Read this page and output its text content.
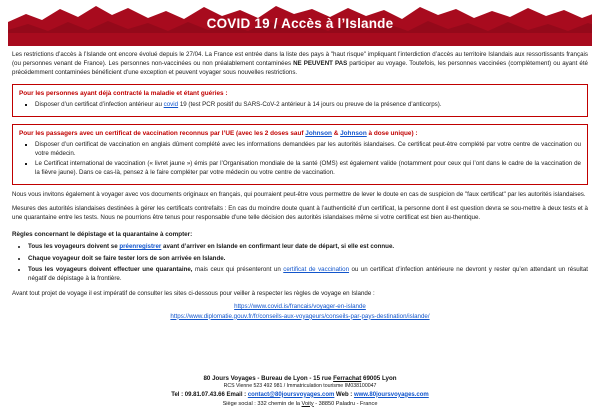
COVID 19 / Accès à l’Islande

Les restrictions d’accès à l’Islande ont encore évolué depuis le 27/04. La France est entrée dans la liste des pays à "haut risque" impliquant l’interdiction d’accès au territoire Islandais aux ressortissants français (ou personnes venant de France). Les personnes non-vaccinées ou non préalablement contaminées NE PEUVENT PAS participer au voyage. Toutefois, les personnes vaccinées (complètement) ou ayant été précédemment contaminées bénéficient d’une exception et peuvent voyager sous nouvelles restrictions.

Pour les personnes ayant déjà contracté la maladie et étant guéries :
▪ Disposer d’un certificat d’infection antérieur au covid 19 (test PCR positif du SARS-CoV-2 antérieur à 14 jours ou preuve de la présence d’anticorps).
Pour les passagers avec un certificat de vaccination reconnus par l’UE (avec les 2 doses sauf Johnson & Johnson à dose unique) :
▪ Disposer d’un certificat de vaccination en anglais dûment complété avec les informations demandées par les autorités islandaises. Ce certificat peut-être complété par votre centre de vaccination ou votre médecin.
▪ Le Certificat international de vaccination (« livret jaune ») émis par l’Organisation mondiale de la santé (OMS) est également valide (notamment pour ceux qui l’ont dans le cadre de la vaccination de la fièvre jaune). Dans ce cas-là, pensez à le faire compléter par votre médecin ou votre centre de vaccination.

Nous vous invitons également à voyager avec vos documents originaux en français, qui pourraient peut-être vous permettre de lever le doute en cas de suspicion de "faux certificat" par les autorités islandaises.

Mesures des autorités islandaises destinées à gérer les certificats contrefaits : En cas du moindre doute quant à l’authenticité d’un certificat, la personne dont il est question devra se sou-mettre à deux tests et à une quarantaine entre les tests. Nous ne pourrions être tenus pour responsable d’une telle décision des autorités islandaises même si votre certificat est bien au-thentique.

Règles concernant le dépistage et la quarantaine à compter:
• Tous les voyageurs doivent se préenregistrer avant d’arriver en Islande en confirmant leur date de départ, si elle est connue.
• Chaque voyageur doit se faire tester lors de son arrivée en Islande.
• Tous les voyageurs doivent effectuer une quarantaine, mais ceux qui présenteront un certificat de vaccination ou un certificat d’infection antérieure ne devront y rester qu’en attendant un résultat négatif de dépistage à la frontière.

Avant tout projet de voyage il est impératif de consulter les sites ci-dessous pour veiller à respecter les règles de voyage en Islande :

https://www.covid.is/francais/voyager-en-islande
https://www.diplomatie.gouv.fr/fr/conseils-aux-voyageurs/conseils-par-pays-destination/islande/
80 Jours Voyages - Bureau de Lyon - 15 rue Ferrachat 69005 Lyon
RCS Vienne 523 492 981 / Immatriculation tourisme IM038100047
Tel : 09.81.07.43.66 Email : contact@80joursvoyages.com Web : www.80joursvoyages.com
Siège social : 332 chemin de la Voity - 38850 Paladru - France
